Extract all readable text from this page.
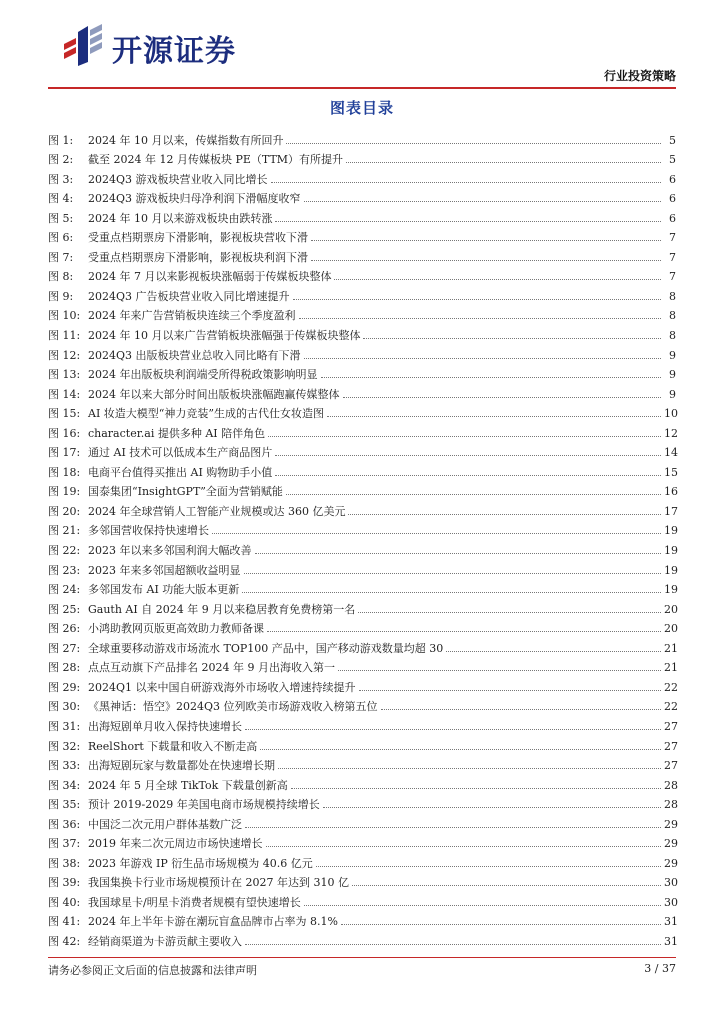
开源证券
行业投资策略
图表目录
图 1:	2024 年 10 月以来，传媒指数有所回升	5
图 2:	截至 2024 年 12 月传媒板块 PE（TTM）有所提升	5
图 3:	2024Q3 游戏板块营业收入同比增长	6
图 4:	2024Q3 游戏板块归母净利润下滑幅度收窄	6
图 5:	2024 年 10 月以来游戏板块由跌转涨	6
图 6:	受重点档期票房下滑影响，影视板块营收下滑	7
图 7:	受重点档期票房下滑影响，影视板块利润下滑	7
图 8:	2024 年 7 月以来影视板块涨幅弱于传媒板块整体	7
图 9:	2024Q3 广告板块营业收入同比增速提升	8
图 10: 2024 年来广告营销板块连续三个季度盈利	8
图 11: 2024 年 10 月以来广告营销板块涨幅强于传媒板块整体	8
图 12: 2024Q3 出版板块营业总收入同比略有下滑	9
图 13: 2024 年出版板块利润端受所得税政策影响明显	9
图 14: 2024 年以来大部分时间出版板块涨幅跑赢传媒整体	9
图 15: AI 妆造大模型“神力竞装”生成的古代仕女妆造图	10
图 16: character.ai 提供多种 AI 陪伴角色	12
图 17: 通过 AI 技术可以低成本生产商品图片	14
图 18: 电商平台值得买推出 AI 购物助手小值	15
图 19: 国泰集团“InsightGPT”全面为营销赋能	16
图 20: 2024 年全球营销人工智能产业规模或达 360 亿美元	17
图 21: 多邻国营收保持快速增长	19
图 22: 2023 年以来多邻国利润大幅改善	19
图 23: 2023 年来多邻国超额收益明显	19
图 24: 多邻国发布 AI 功能大版本更新	19
图 25: Gauth AI 自 2024 年 9 月以来稳居教育免费榜第一名	20
图 26: 小鸿助教网页版更高效助力教师备课	20
图 27: 全球重要移动游戏市场流水 TOP100 产品中，国产移动游戏数量均超 30	21
图 28: 点点互动旗下产品排名 2024 年 9 月出海收入第一	21
图 29: 2024Q1 以来中国自研游戏海外市场收入增速持续提升	22
图 30: 《黑神话：悟空》2024Q3 位列欧美市场游戏收入榜第五位	22
图 31: 出海短剧单月收入保持快速增长	27
图 32: ReelShort 下载量和收入不断走高	27
图 33: 出海短剧玩家与数量都处在快速增长期	27
图 34: 2024 年 5 月全球 TikTok 下载量创新高	28
图 35: 预计 2019-2029 年美国电商市场规模持续增长	28
图 36: 中国泛二次元用户群体基数广泛	29
图 37: 2019 年来二次元周边市场快速增长	29
图 38: 2023 年游戏 IP 衍生品市场规模为 40.6 亿元	29
图 39: 我国集换卡行业市场规模预计在 2027 年达到 310 亿	30
图 40: 我国球星卡/明星卡消费者规模有望快速增长	30
图 41: 2024 年上半年卡游在潮玩盲盒品牌市占率为 8.1%	31
图 42: 经销商渠道为卡游贡献主要收入	31
请务必参阅正文后面的信息披露和法律声明	3 / 37
